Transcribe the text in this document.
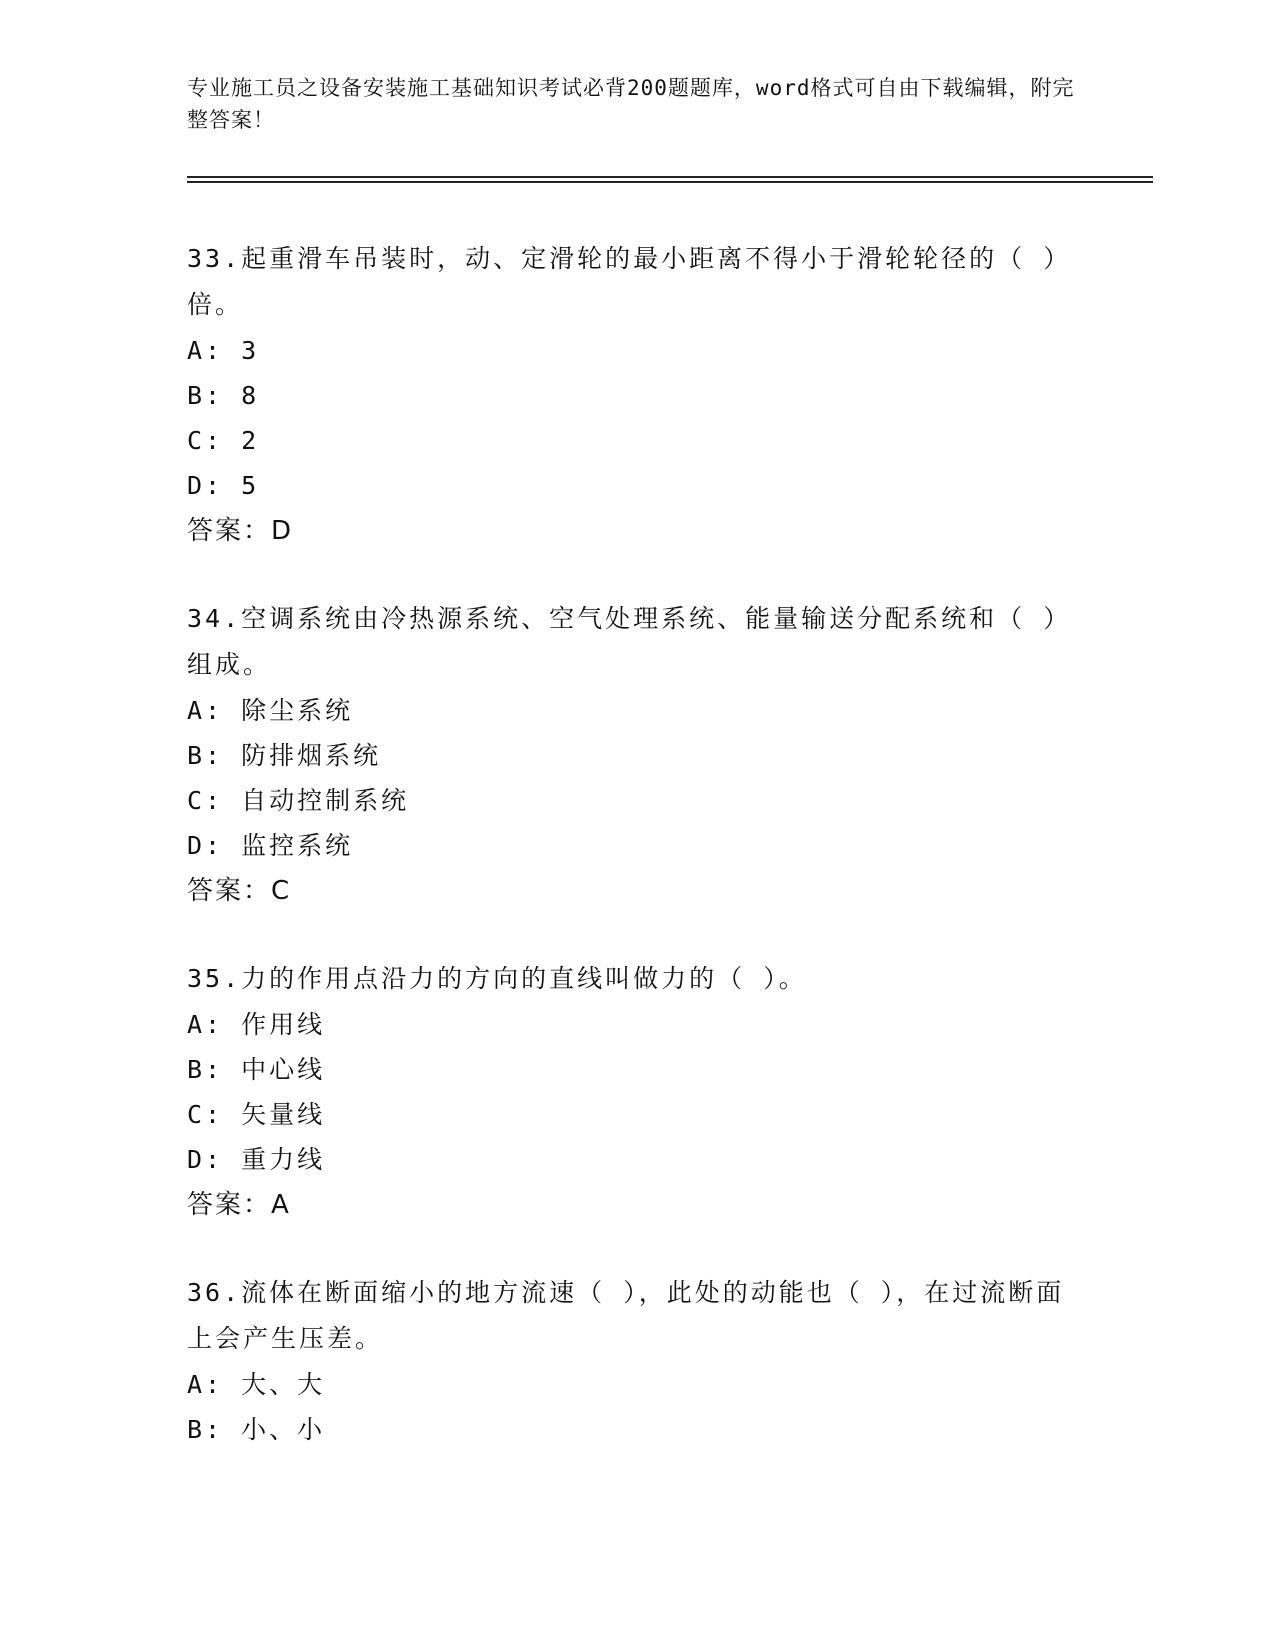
专业施工员之设备安装施工基础知识考试必背200题题库，word格式可自由下载编辑，附完整答案！
33.起重滑车吊装时，动、定滑轮的最小距离不得小于滑轮轮径的（ ）倍。
A: 3
B: 8
C: 2
D: 5
答案：D
34.空调系统由冷热源系统、空气处理系统、能量输送分配系统和（ ）组成。
A: 除尘系统
B: 防排烟系统
C: 自动控制系统
D: 监控系统
答案：C
35.力的作用点沿力的方向的直线叫做力的（ ）。
A: 作用线
B: 中心线
C: 矢量线
D: 重力线
答案：A
36.流体在断面缩小的地方流速（ ），此处的动能也（ ），在过流断面上会产生压差。
A: 大、大
B: 小、小
